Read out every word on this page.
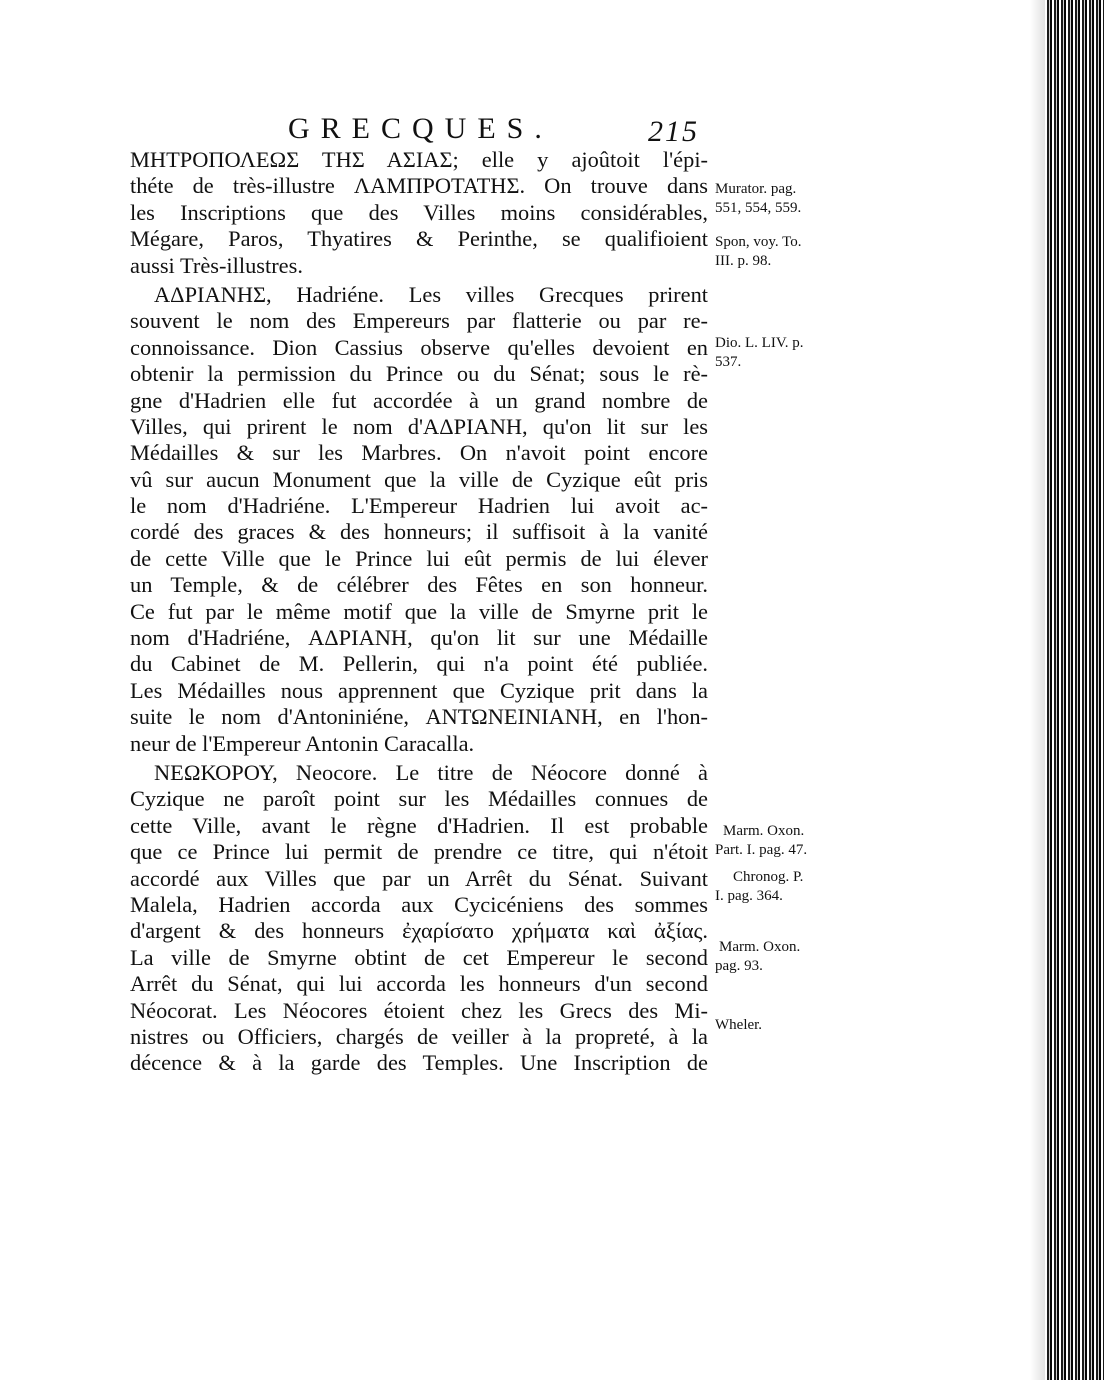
GRECQUES.	215
ΜΗΤΡΟΠΟΛΕΩΣ ΤΗΣ ΑΣΙΑΣ; elle y ajoûtoit l'épi-
théte de très-illustre ΛΑΜΠΡΟΤΑΤΗΣ. On trouve dans
les Inscriptions que des Villes moins considérables,
Mégare, Paros, Thyatires & Perinthe, se qualifioient
aussi Très-illustres.
ΑΔΡΙΑΝΗΣ, Hadriéne. Les villes Grecques prirent
souvent le nom des Empereurs par flatterie ou par re-
connoissance. Dion Cassius observe qu'elles devoient en
obtenir la permission du Prince ou du Sénat; sous le rè-
gne d'Hadrien elle fut accordée à un grand nombre de
Villes, qui prirent le nom d'ΑΔΡΙΑΝΗ, qu'on lit sur les
Médailles & sur les Marbres. On n'avoit point encore
vû sur aucun Monument que la ville de Cyzique eût pris
le nom d'Hadriéne. L'Empereur Hadrien lui avoit ac-
cordé des graces & des honneurs; il suffisoit à la vanité
de cette Ville que le Prince lui eût permis de lui élever
un Temple, & de célébrer des Fêtes en son honneur.
Ce fut par le même motif que la ville de Smyrne prit le
nom d'Hadriéne, ΑΔΡΙΑΝΗ, qu'on lit sur une Médaille
du Cabinet de M. Pellerin, qui n'a point été publiée.
Les Médailles nous apprennent que Cyzique prit dans la
suite le nom d'Antoniniéne, ΑΝΤΩΝΕΙΝΙΑΝΗ, en l'hon-
neur de l'Empereur Antonin Caracalla.
ΝΕΩΚΟΡΟΥ, Neocore. Le titre de Néocore donné à
Cyzique ne paroît point sur les Médailles connues de
cette Ville, avant le règne d'Hadrien. Il est probable
que ce Prince lui permit de prendre ce titre, qui n'étoit
accordé aux Villes que par un Arrêt du Sénat. Suivant
Malela, Hadrien accorda aux Cycicéniens des sommes
d'argent & des honneurs ἐχαρίσατο χρήματα καὶ ἀξίας.
La ville de Smyrne obtint de cet Empereur le second
Arrêt du Sénat, qui lui accorda les honneurs d'un second
Néocorat. Les Néocores étoient chez les Grecs des Mi-
nistres ou Officiers, chargés de veiller à la propreté, à la
décence & à la garde des Temples. Une Inscription de
Murator. pag.
551, 554, 559.
Spon, voy. To.
III. p. 98.
Dio. L. LIV. p.
537.
Marm. Oxon.
Part. I. pag. 47.
Chronog. P.
I. pag. 364.
Marm. Oxon.
pag. 93.
Wheler.
